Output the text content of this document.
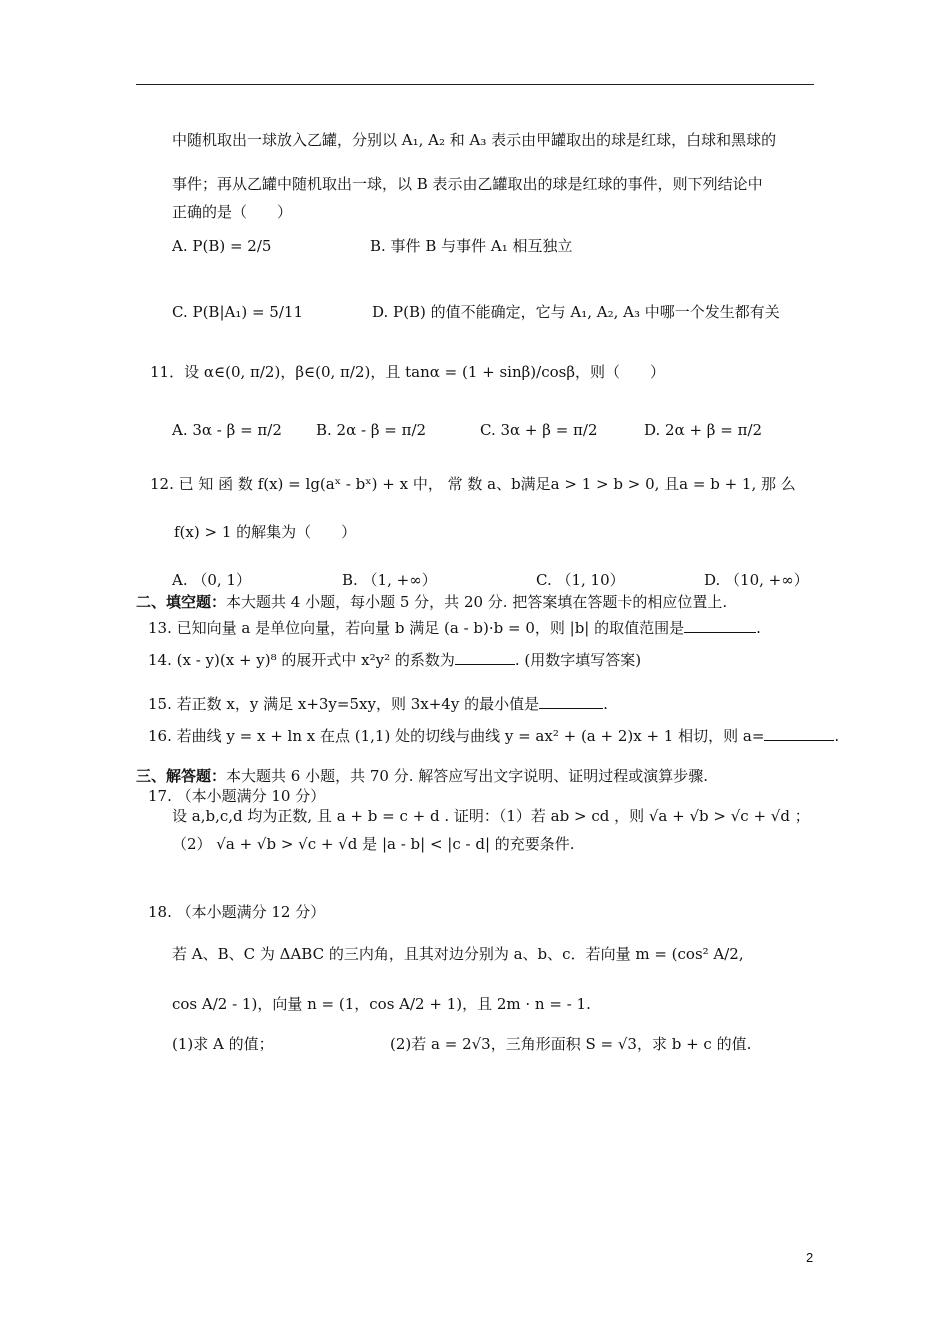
中随机取出一球放入乙罐，分别以 A₁, A₂ 和 A₃ 表示由甲罐取出的球是红球，白球和黑球的
事件；再从乙罐中随机取出一球，以 B 表示由乙罐取出的球是红球的事件，则下列结论中
正确的是（　　）
A. P(B) = 2/5	B. 事件 B 与事件 A₁ 相互独立
C. P(B|A₁) = 5/11	D. P(B) 的值不能确定，它与 A₁, A₂, A₃ 中哪一个发生都有关
11．设 α∈(0, π/2)，β∈(0, π/2)，且 tanα = (1 + sinβ)/cosβ，则（　　）
A. 3α - β = π/2 B. 2α - β = π/2	C. 3α + β = π/2	D. 2α + β = π/2
12. 已 知 函 数 f(x) = lg(aˣ - bˣ) + x 中， 常 数 a、b满足a > 1 > b > 0, 且a = b + 1, 那 么
f(x) > 1 的解集为（　　）
A. （0, 1）	B. （1, +∞）	C. （1, 10）	D. （10, +∞）
二、填空题：本大题共 4 小题，每小题 5 分，共 20 分. 把答案填在答题卡的相应位置上.
13. 已知向量 a 是单位向量，若向量 b 满足 (a - b)·b = 0，则 |b| 的取值范围是	.
14. (x - y)(x + y)⁸ 的展开式中 x²y² 的系数为	. (用数字填写答案)
15. 若正数 x，y 满足 x+3y=5xy，则 3x+4y 的最小值是	.
16. 若曲线 y = x + ln x 在点 (1,1) 处的切线与曲线 y = ax² + (a + 2)x + 1 相切，则 a=	.
三、解答题：本大题共 6 小题，共 70 分. 解答应写出文字说明、证明过程或演算步骤.
17. （本小题满分 10 分）
设 a,b,c,d 均为正数, 且 a + b = c + d . 证明：（1）若 ab > cd ，则 √a + √b > √c + √d ；
（2） √a + √b > √c + √d 是 |a - b| < |c - d| 的充要条件.
18. （本小题满分 12 分）
若 A、B、C 为 ΔABC 的三内角，且其对边分别为 a、b、c．若向量 m = (cos² A/2,
cos A/2 - 1)，向量 n = (1，cos A/2 + 1)，且 2m · n = - 1.
(1)求 A 的值；	(2)若 a = 2√3，三角形面积 S = √3，求 b + c 的值.
2
